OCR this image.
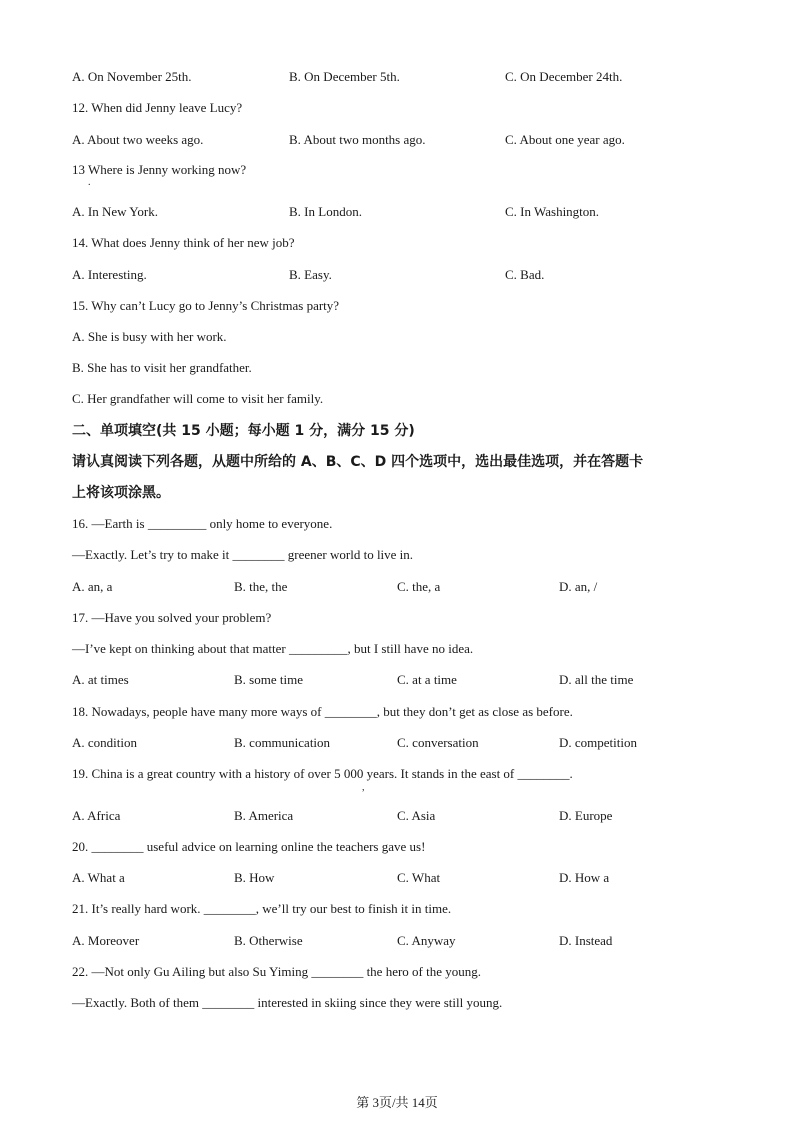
A. On November 25th.	B. On December 5th.	C. On December 24th.
12. When did Jenny leave Lucy?
A. About two weeks ago.	B. About two months ago.	C. About one year ago.
13 Where is Jenny working now?
.
A. In New York.	B. In London.	C. In Washington.
14. What does Jenny think of her new job?
A. Interesting.	B. Easy.	C. Bad.
15. Why can’t Lucy go to Jenny’s Christmas party?
A. She is busy with her work.
B. She has to visit her grandfather.
C. Her grandfather will come to visit her family.
二、单项填空(共 15 小题；每小题 1 分，满分 15 分)
请认真阅读下列各题，从题中所给的 A、B、C、D 四个选项中，选出最佳选项，并在答题卡
上将该项涂黑。
16. —Earth is _________ only home to everyone.
—Exactly. Let’s try to make it ________ greener world to live in.
A. an, a	B. the, the	C. the, a	D. an, /
17. —Have you solved your problem?
—I’ve kept on thinking about that matter _________, but I still have no idea.
A. at times	B. some time	C. at a time	D. all the time
18. Nowadays, people have many more ways of ________, but they don’t get as close as before.
A. condition	B. communication	C. conversation	D. competition
19. China is a great country with a history of over 5 000 years. It stands in the east of ________.
,
A. Africa	B. America	C. Asia	D. Europe
20. ________ useful advice on learning online the teachers gave us!
A. What a	B. How	C. What	D. How a
21. It’s really hard work. ________, we’ll try our best to finish it in time.
A. Moreover	B. Otherwise	C. Anyway	D. Instead
22. —Not only Gu Ailing but also Su Yiming ________ the hero of the young.
—Exactly. Both of them ________ interested in skiing since they were still young.
第 3页/共 14页
